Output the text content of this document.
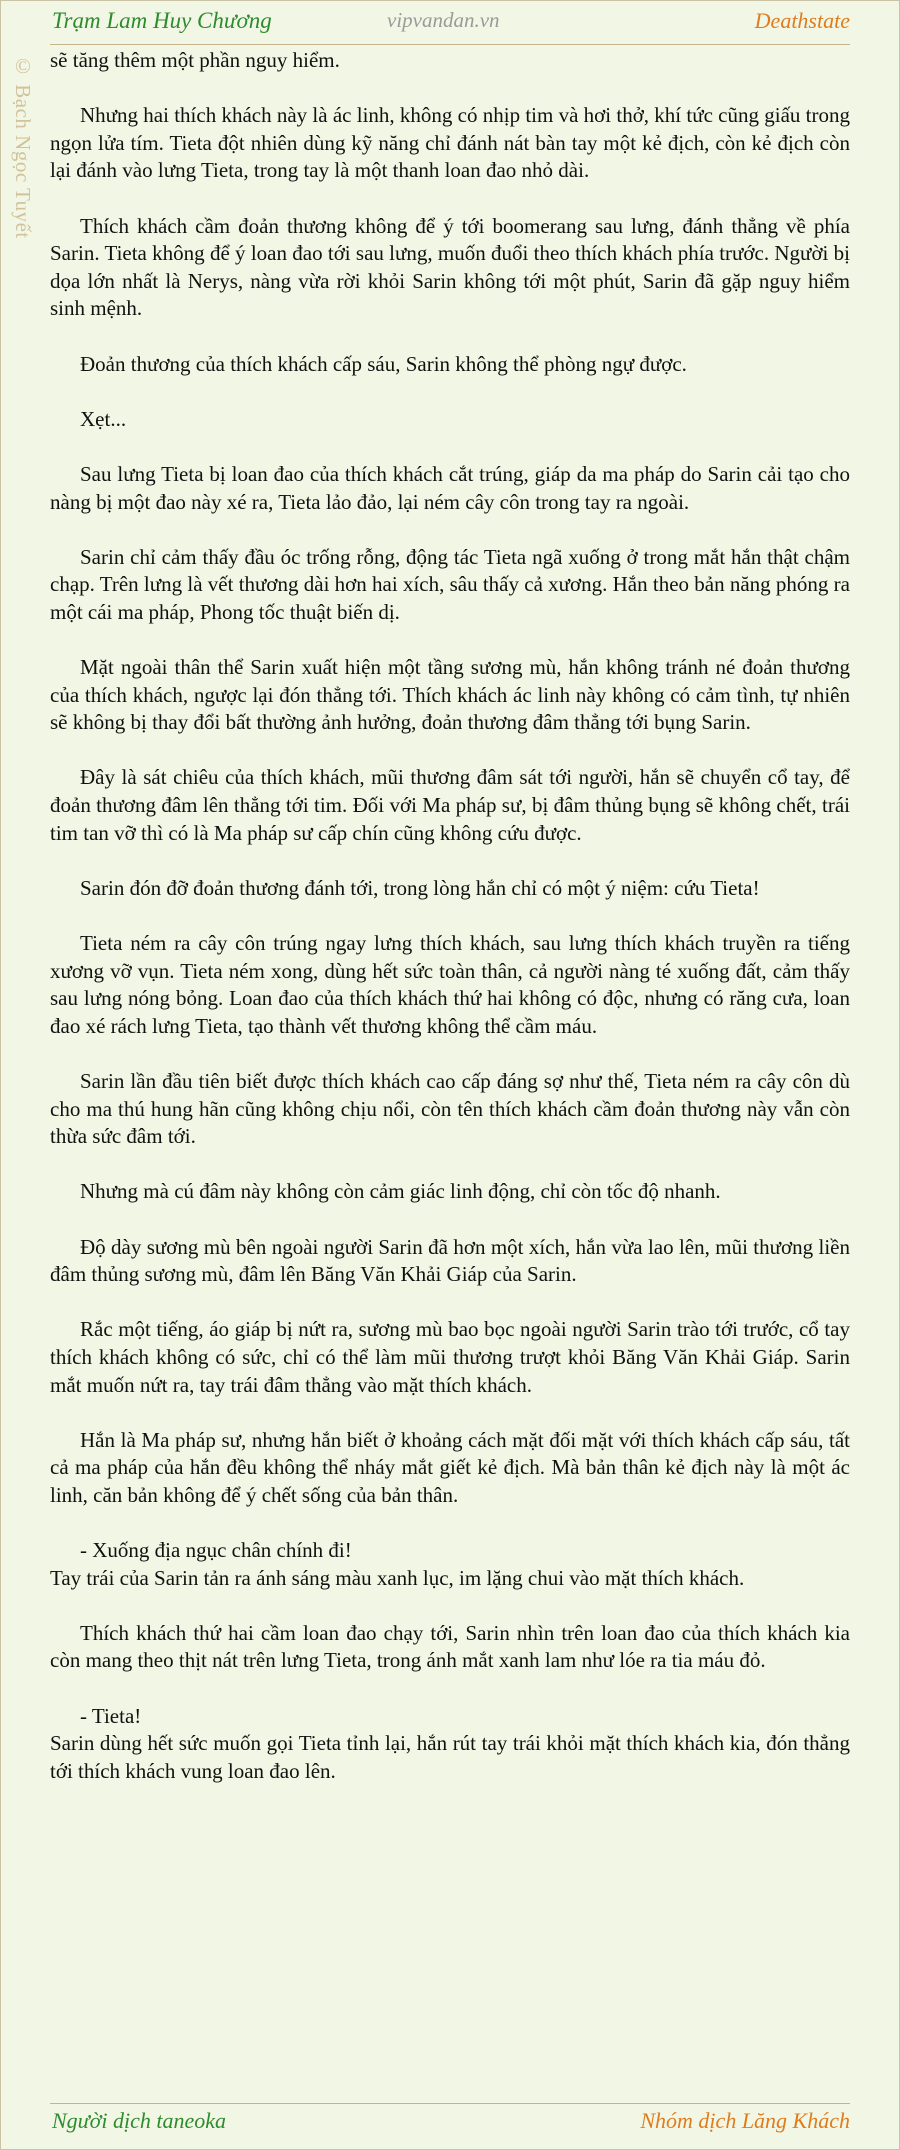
Trạm Lam Huy Chương	vipvandan.vn	Deathstate
© Bạch Ngọc Tuyết sẽ tăng thêm một phần nguy hiểm.

Nhưng hai thích khách này là ác linh, không có nhịp tim và hơi thở, khí tức cũng giấu trong ngọn lửa tím. Tieta đột nhiên dùng kỹ năng chỉ đánh nát bàn tay một kẻ địch, còn kẻ địch còn lại đánh vào lưng Tieta, trong tay là một thanh loan đao nhỏ dài.

Thích khách cầm đoản thương không để ý tới boomerang sau lưng, đánh thẳng về phía Sarin. Tieta không để ý loan đao tới sau lưng, muốn đuổi theo thích khách phía trước. Người bị dọa lớn nhất là Nerys, nàng vừa rời khỏi Sarin không tới một phút, Sarin đã gặp nguy hiểm sinh mệnh.

Đoản thương của thích khách cấp sáu, Sarin không thể phòng ngự được.

Xẹt...

Sau lưng Tieta bị loan đao của thích khách cắt trúng, giáp da ma pháp do Sarin cải tạo cho nàng bị một đao này xé ra, Tieta lảo đảo, lại ném cây côn trong tay ra ngoài.

Sarin chỉ cảm thấy đầu óc trống rỗng, động tác Tieta ngã xuống ở trong mắt hắn thật chậm chạp. Trên lưng là vết thương dài hơn hai xích, sâu thấy cả xương. Hắn theo bản năng phóng ra một cái ma pháp, Phong tốc thuật biến dị.

Mặt ngoài thân thể Sarin xuất hiện một tầng sương mù, hắn không tránh né đoản thương của thích khách, ngược lại đón thẳng tới. Thích khách ác linh này không có cảm tình, tự nhiên sẽ không bị thay đổi bất thường ảnh hưởng, đoản thương đâm thẳng tới bụng Sarin.

Đây là sát chiêu của thích khách, mũi thương đâm sát tới người, hắn sẽ chuyển cổ tay, để đoản thương đâm lên thẳng tới tim. Đối với Ma pháp sư, bị đâm thủng bụng sẽ không chết, trái tim tan vỡ thì có là Ma pháp sư cấp chín cũng không cứu được.

Sarin đón đỡ đoản thương đánh tới, trong lòng hắn chỉ có một ý niệm: cứu Tieta!

Tieta ném ra cây côn trúng ngay lưng thích khách, sau lưng thích khách truyền ra tiếng xương vỡ vụn. Tieta ném xong, dùng hết sức toàn thân, cả người nàng té xuống đất, cảm thấy sau lưng nóng bỏng. Loan đao của thích khách thứ hai không có độc, nhưng có răng cưa, loan đao xé rách lưng Tieta, tạo thành vết thương không thể cầm máu.

Sarin lần đầu tiên biết được thích khách cao cấp đáng sợ như thế, Tieta ném ra cây côn dù cho ma thú hung hãn cũng không chịu nổi, còn tên thích khách cầm đoản thương này vẫn còn thừa sức đâm tới.

Nhưng mà cú đâm này không còn cảm giác linh động, chỉ còn tốc độ nhanh.

Độ dày sương mù bên ngoài người Sarin đã hơn một xích, hắn vừa lao lên, mũi thương liền đâm thủng sương mù, đâm lên Băng Văn Khải Giáp của Sarin.

Rắc một tiếng, áo giáp bị nứt ra, sương mù bao bọc ngoài người Sarin trào tới trước, cổ tay thích khách không có sức, chỉ có thể làm mũi thương trượt khỏi Băng Văn Khải Giáp. Sarin mắt muốn nứt ra, tay trái đâm thẳng vào mặt thích khách.

Hắn là Ma pháp sư, nhưng hắn biết ở khoảng cách mặt đối mặt với thích khách cấp sáu, tất cả ma pháp của hắn đều không thể nháy mắt giết kẻ địch. Mà bản thân kẻ địch này là một ác linh, căn bản không để ý chết sống của bản thân.

- Xuống địa ngục chân chính đi!
Tay trái của Sarin tản ra ánh sáng màu xanh lục, im lặng chui vào mặt thích khách.

Thích khách thứ hai cầm loan đao chạy tới, Sarin nhìn trên loan đao của thích khách kia còn mang theo thịt nát trên lưng Tieta, trong ánh mắt xanh lam như lóe ra tia máu đỏ.

- Tieta!
Sarin dùng hết sức muốn gọi Tieta tỉnh lại, hắn rút tay trái khỏi mặt thích khách kia, đón thẳng tới thích khách vung loan đao lên.

Người dịch taneoka	Nhóm dịch Lăng Khách
